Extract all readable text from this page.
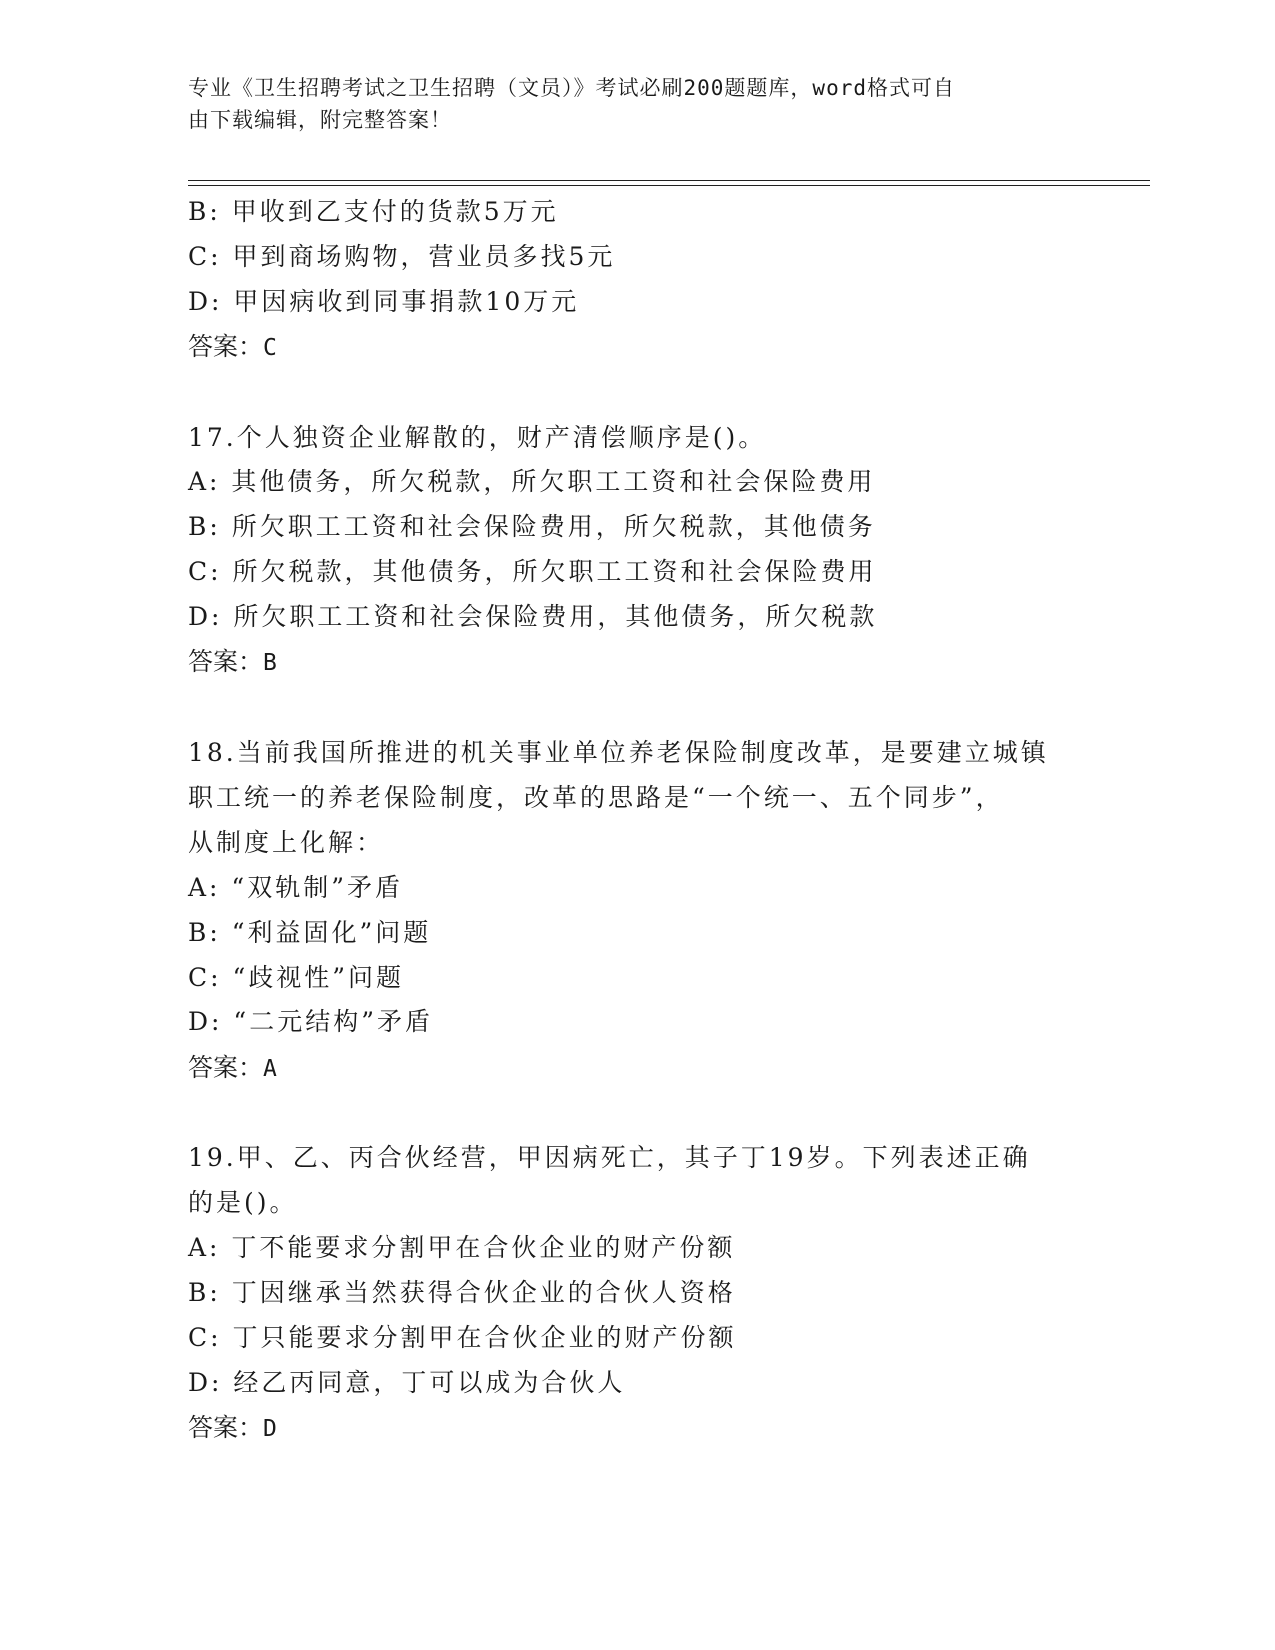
专业《卫生招聘考试之卫生招聘（文员）》考试必刷200题题库，word格式可自
由下载编辑，附完整答案！
B: 甲收到乙支付的货款5万元
C: 甲到商场购物，营业员多找5元
D: 甲因病收到同事捐款10万元
答案：C
17.个人独资企业解散的，财产清偿顺序是()。
A: 其他债务，所欠税款，所欠职工工资和社会保险费用
B: 所欠职工工资和社会保险费用，所欠税款，其他债务
C: 所欠税款，其他债务，所欠职工工资和社会保险费用
D: 所欠职工工资和社会保险费用，其他债务，所欠税款
答案：B
18.当前我国所推进的机关事业单位养老保险制度改革，是要建立城镇
职工统一的养老保险制度，改革的思路是“一个统一、五个同步”，
从制度上化解：
A: “双轨制”矛盾
B: “利益固化”问题
C: “歧视性”问题
D: “二元结构”矛盾
答案：A
19.甲、乙、丙合伙经营，甲因病死亡，其子丁19岁。下列表述正确
的是()。
A: 丁不能要求分割甲在合伙企业的财产份额
B: 丁因继承当然获得合伙企业的合伙人资格
C: 丁只能要求分割甲在合伙企业的财产份额
D: 经乙丙同意，丁可以成为合伙人
答案：D
